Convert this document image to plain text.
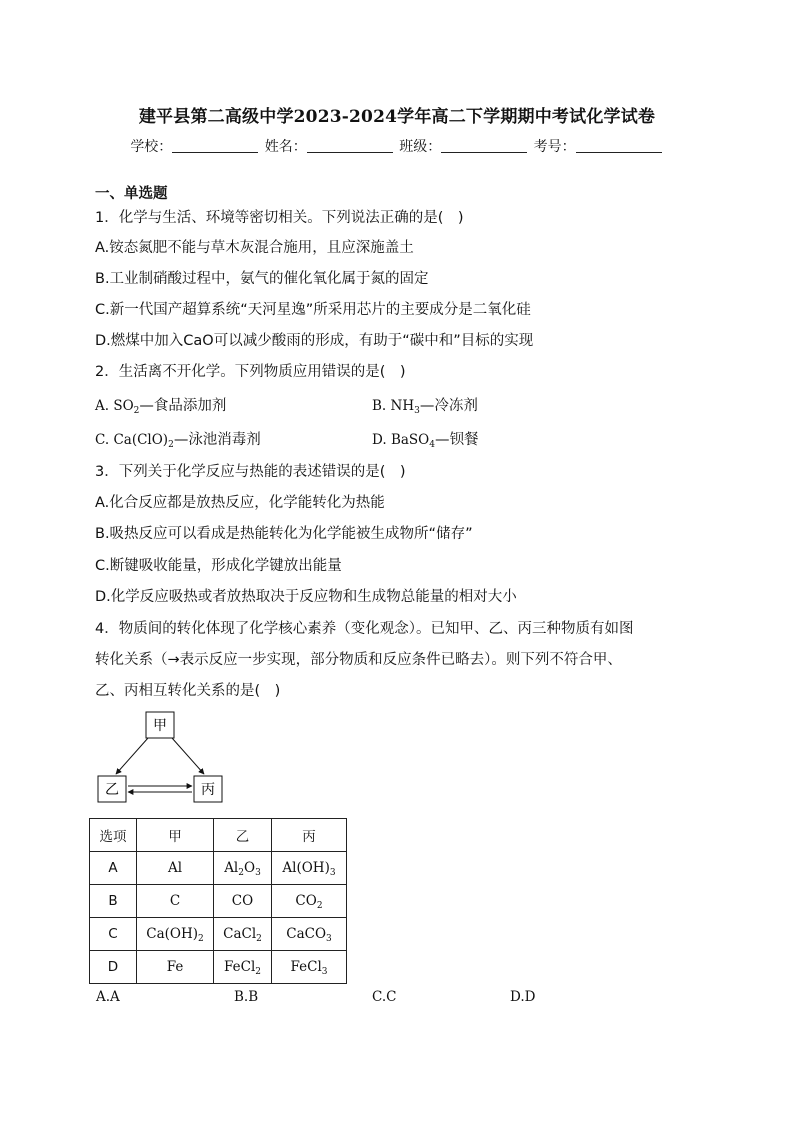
建平县第二高级中学2023-2024学年高二下学期期中考试化学试卷
学校：	姓名：	班级：	考号：
一、单选题
1．化学与生活、环境等密切相关。下列说法正确的是(　)
A.铵态氮肥不能与草木灰混合施用，且应深施盖土
B.工业制硝酸过程中，氨气的催化氧化属于氮的固定
C.新一代国产超算系统“天河星逸”所采用芯片的主要成分是二氧化硅
D.燃煤中加入CaO可以减少酸雨的形成，有助于“碳中和”目标的实现
2．生活离不开化学。下列物质应用错误的是(　)
A. $SO_2—$食品添加剂	B. $NH_3—$冷冻剂
C. $Ca(ClO)_2—$泳池消毒剂	D. BaSO$_4$—钡餐
3．下列关于化学反应与热能的表述错误的是(　)
A.化合反应都是放热反应，化学能转化为热能
B.吸热反应可以看成是热能转化为化学能被生成物所“储存”
C.断键吸收能量，形成化学键放出能量
D.化学反应吸热或者放热取决于反应物和生成物总能量的相对大小
4．物质间的转化体现了化学核心素养（变化观念）。已知甲、乙、丙三种物质有如图
转化关系（→表示反应一步实现，部分物质和反应条件已略去）。则下列不符合甲、
乙、丙相互转化关系的是(　)
甲
乙	丙
选项	甲	乙	丙
A	Al	$Al_2O_3$	$Al(OH)_3$
B	C	CO	$CO_2$
C	$Ca(OH)_2$	CaCl$_2$	CaCO$_3$
D	Fe	FeCl$_2$	FeCl$_3$
A.A	B.B	C.C	D.D
